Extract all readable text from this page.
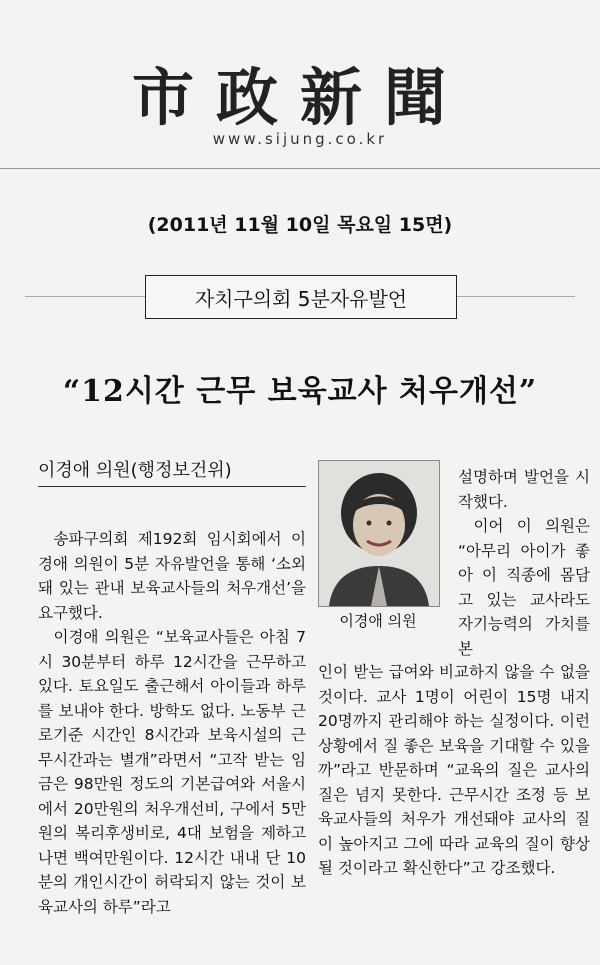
市政新聞
www.sijung.co.kr
(2011년 11월 10일 목요일 15면)
자치구의회 5분자유발언
“12시간 근무 보육교사 처우개선”
이경애 의원(행정보건위)

송파구의회 제192회 임시회에서 이경애 의원이 5분 자유발언을 통해 ‘소외돼 있는 관내 보육교사들의 처우개선’을 요구했다.

이경애 의원은 “보육교사들은 아침 7시 30분부터 하루 12시간을 근무하고 있다. 토요일도 출근해서 아이들과 하루를 보내야 한다. 방학도 없다. 노동부 근로기준 시간인 8시간과 보육시설의 근무시간과는 별개”라면서 “고작 받는 임금은 98만원 정도의 기본급여와 서울시에서 20만원의 처우개선비, 구에서 5만원의 복리후생비로, 4대 보험을 제하고 나면 백여만원이다. 12시간 내내 단 10분의 개인시간이 허락되지 않는 것이 보육교사의 하루”라고

이경애 의원

설명하며 발언을 시작했다.

이어 이 의원은 “아무리 아이가 좋아 이 직종에 몸담고 있는 교사라도 자기능력의 가치를 본

인이 받는 급여와 비교하지 않을 수 없을 것이다. 교사 1명이 어린이 15명 내지 20명까지 관리해야 하는 실정이다. 이런 상황에서 질 좋은 보육을 기대할 수 있을까”라고 반문하며 “교육의 질은 교사의 질은 넘지 못한다. 근무시간 조정 등 보육교사들의 처우가 개선돼야 교사의 질이 높아지고 그에 따라 교육의 질이 향상될 것이라고 확신한다”고 강조했다.
